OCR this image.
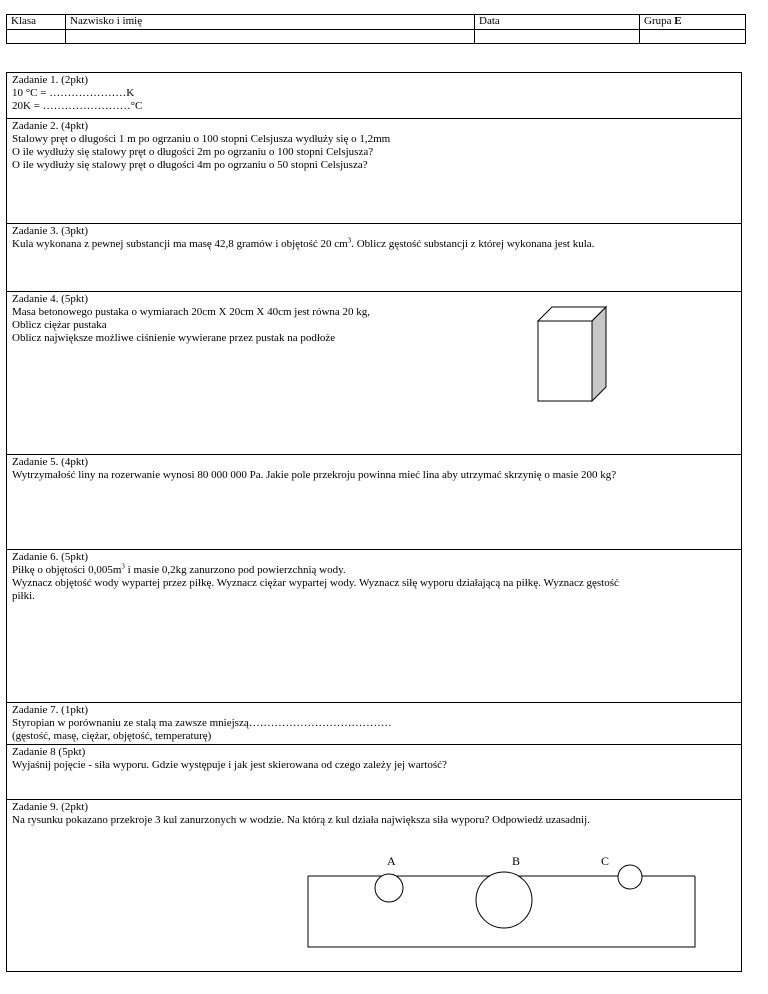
Klasa	Nazwisko i imię	Data	Grupa E

Zadanie 1. (2pkt)
10 °C = …………………K
20K = ……………………°C
Zadanie 2. (4pkt)
Stalowy pręt o długości 1 m po ogrzaniu o 100 stopni Celsjusza wydłuży się o 1,2mm
O ile wydłuży się stalowy pręt o długości 2m po ogrzaniu o 100 stopni Celsjusza?
O ile wydłuży się stalowy pręt o długości 4m po ogrzaniu o 50 stopni Celsjusza?
Zadanie 3. (3pkt)
Kula wykonana z pewnej substancji ma masę 42,8 gramów i objętość 20 $cm^3$. Oblicz gęstość substancji z której wykonana jest kula.
Zadanie 4. (5pkt)
Masa betonowego pustaka o wymiarach 20cm X 20cm X 40cm jest równa 20 kg,
Oblicz ciężar pustaka
Oblicz największe możliwe ciśnienie wywierane przez pustak na podłoże
Zadanie 5. (4pkt)
Wytrzymałość liny na rozerwanie wynosi 80 000 000 Pa. Jakie pole przekroju powinna mieć lina aby utrzymać skrzynię o masie 200 kg?
Zadanie 6. (5pkt)
Piłkę o objętości $0,005m^3$ i masie 0,2kg zanurzono pod powierzchnią wody.
Wyznacz objętość wody wypartej przez piłkę. Wyznacz ciężar wypartej wody. Wyznacz siłę wyporu działającą na piłkę. Wyznacz gęstość
piłki.
Zadanie 7. (1pkt)
Styropian w porównaniu ze stalą ma zawsze mniejszą…………………………………
(gęstość, masę, ciężar, objętość, temperaturę)
Zadanie 8 (5pkt)
Wyjaśnij pojęcie - siła wyporu. Gdzie występuje i jak jest skierowana od czego zależy jej wartość?
Zadanie 9. (2pkt)
Na rysunku pokazano przekroje 3 kul zanurzonych w wodzie. Na którą z kul działa największa siła wyporu? Odpowiedź uzasadnij.
A	B	C
